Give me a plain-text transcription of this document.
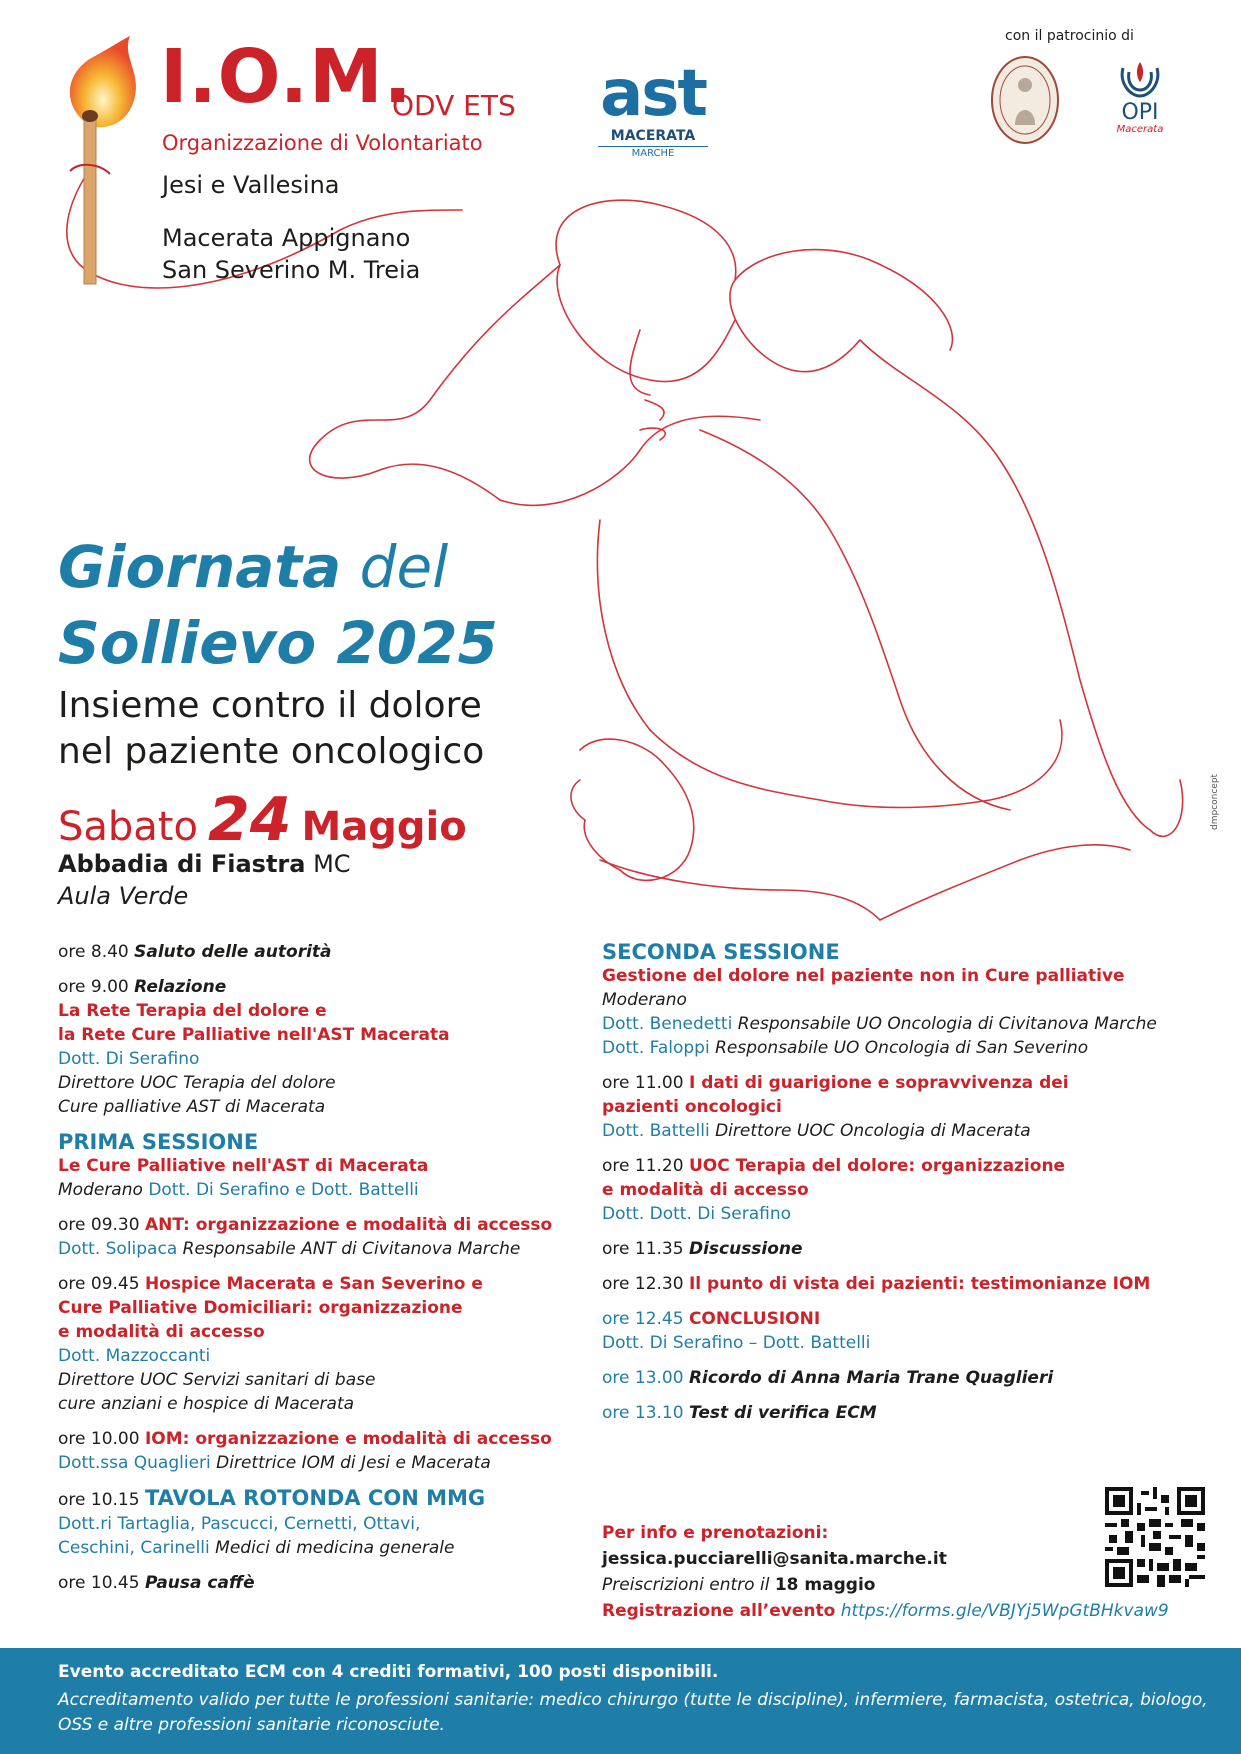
I.O.M.
ODV ETS
Organizzazione di Volontariato
Jesi e Vallesina
Macerata Appignano
San Severino M. Treia
ast
MACERATA
MARCHE
con il patrocinio di
OPI
Macerata
Giornata del
Sollievo 2025
Insieme contro il dolore
nel paziente oncologico
Sabato 24 Maggio
Abbadia di Fiastra MC
Aula Verde
ore 8.40 Saluto delle autorità
ore 9.00 Relazione
La Rete Terapia del dolore e
la Rete Cure Palliative nell'AST Macerata
Dott. Di Serafino
Direttore UOC Terapia del dolore
Cure palliative AST di Macerata
PRIMA SESSIONE
Le Cure Palliative nell'AST di Macerata
Moderano Dott. Di Serafino e Dott. Battelli
ore 09.30 ANT: organizzazione e modalità di accesso
Dott. Solipaca Responsabile ANT di Civitanova Marche
ore 09.45 Hospice Macerata e San Severino e
Cure Palliative Domiciliari: organizzazione
e modalità di accesso
Dott. Mazzoccanti
Direttore UOC Servizi sanitari di base
cure anziani e hospice di Macerata
ore 10.00 IOM: organizzazione e modalità di accesso
Dott.ssa Quaglieri Direttrice IOM di Jesi e Macerata
ore 10.15 TAVOLA ROTONDA CON MMG
Dott.ri Tartaglia, Pascucci, Cernetti, Ottavi,
Ceschini, Carinelli Medici di medicina generale
ore 10.45 Pausa caffè
SECONDA SESSIONE
Gestione del dolore nel paziente non in Cure palliative
Moderano
Dott. Benedetti Responsabile UO Oncologia di Civitanova Marche
Dott. Faloppi Responsabile UO Oncologia di San Severino
ore 11.00 I dati di guarigione e sopravvivenza dei
pazienti oncologici
Dott. Battelli Direttore UOC Oncologia di Macerata
ore 11.20 UOC Terapia del dolore: organizzazione
e modalità di accesso
Dott. Dott. Di Serafino
ore 11.35 Discussione
ore 12.30 Il punto di vista dei pazienti: testimonianze IOM
ore 12.45 CONCLUSIONI
Dott. Di Serafino – Dott. Battelli
ore 13.00 Ricordo di Anna Maria Trane Quaglieri
ore 13.10 Test di verifica ECM
Per info e prenotazioni:
jessica.pucciarelli@sanita.marche.it
Preiscrizioni entro il 18 maggio
Registrazione all’evento https://forms.gle/VBJYj5WpGtBHkvaw9
dmpconcept
Evento accreditato ECM con 4 crediti formativi, 100 posti disponibili.
Accreditamento valido per tutte le professioni sanitarie: medico chirurgo (tutte le discipline), infermiere, farmacista, ostetrica, biologo, OSS e altre professioni sanitarie riconosciute.
